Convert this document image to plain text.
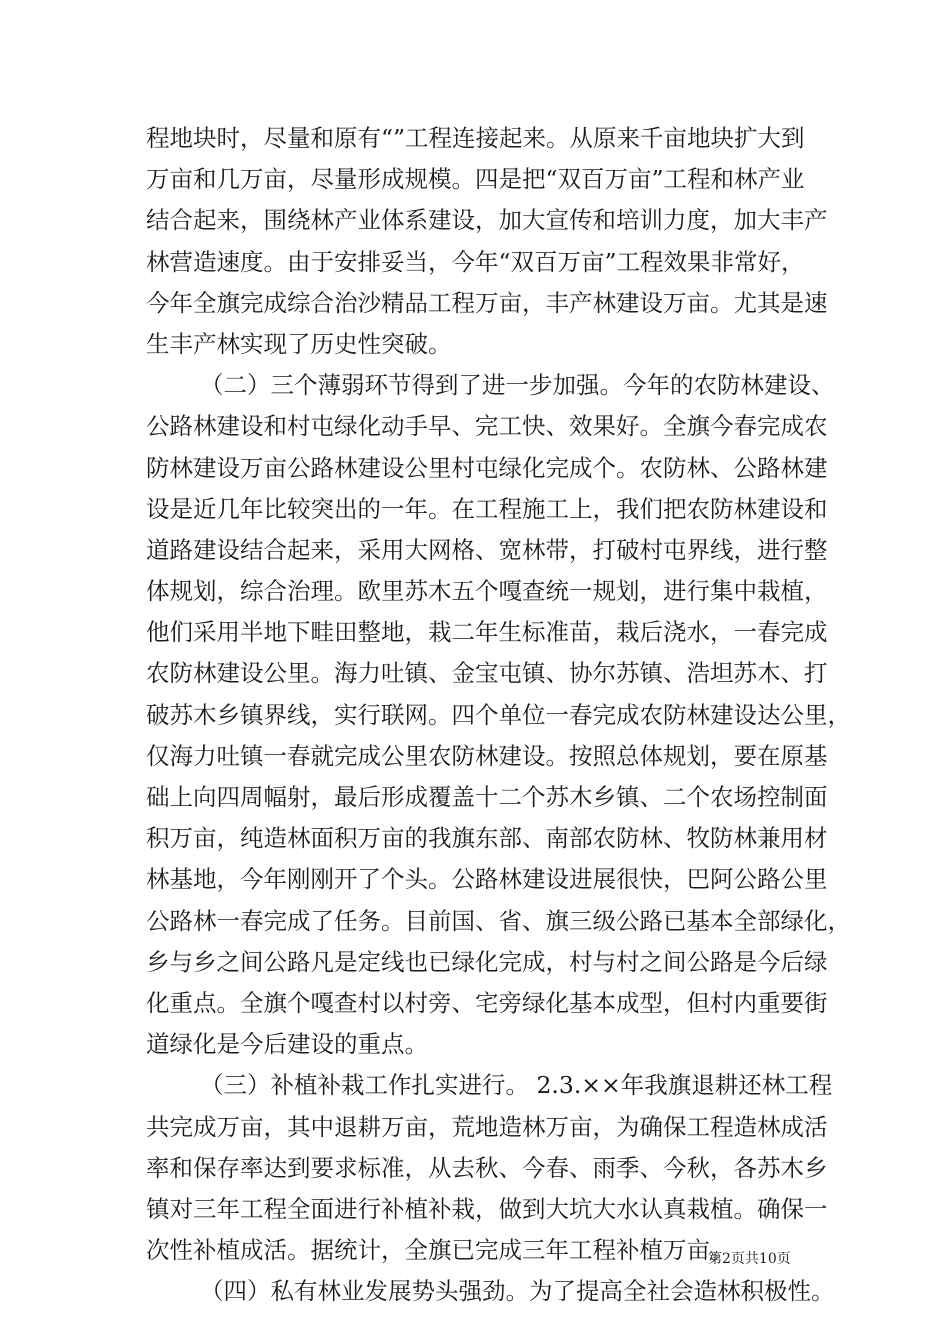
程地块时，尽量和原有“”工程连接起来。从原来千亩地块扩大到
万亩和几万亩，尽量形成规模。四是把“双百万亩”工程和林产业
结合起来，围绕林产业体系建设，加大宣传和培训力度，加大丰产
林营造速度。由于安排妥当，今年“双百万亩”工程效果非常好，
今年全旗完成综合治沙精品工程万亩，丰产林建设万亩。尤其是速
生丰产林实现了历史性突破。
（二）三个薄弱环节得到了进一步加强。今年的农防林建设、
公路林建设和村屯绿化动手早、完工快、效果好。全旗今春完成农
防林建设万亩公路林建设公里村屯绿化完成个。农防林、公路林建
设是近几年比较突出的一年。在工程施工上，我们把农防林建设和
道路建设结合起来，采用大网格、宽林带，打破村屯界线，进行整
体规划，综合治理。欧里苏木五个嘎查统一规划，进行集中栽植，
他们采用半地下畦田整地，栽二年生标准苗，栽后浇水，一春完成
农防林建设公里。海力吐镇、金宝屯镇、协尔苏镇、浩坦苏木、打
破苏木乡镇界线，实行联网。四个单位一春完成农防林建设达公里，
仅海力吐镇一春就完成公里农防林建设。按照总体规划，要在原基
础上向四周幅射，最后形成覆盖十二个苏木乡镇、二个农场控制面
积万亩，纯造林面积万亩的我旗东部、南部农防林、牧防林兼用材
林基地，今年刚刚开了个头。公路林建设进展很快，巴阿公路公里
公路林一春完成了任务。目前国、省、旗三级公路已基本全部绿化，
乡与乡之间公路凡是定线也已绿化完成，村与村之间公路是今后绿
化重点。全旗个嘎查村以村旁、宅旁绿化基本成型，但村内重要街
道绿化是今后建设的重点。
（三）补植补栽工作扎实进行。 2.3.××年我旗退耕还林工程
共完成万亩，其中退耕万亩，荒地造林万亩，为确保工程造林成活
率和保存率达到要求标准，从去秋、今春、雨季、今秋，各苏木乡
镇对三年工程全面进行补植补栽，做到大坑大水认真栽植。确保一
次性补植成活。据统计，全旗已完成三年工程补植万亩。
（四）私有林业发展势头强劲。为了提高全社会造林积极性。
第2页共10页
